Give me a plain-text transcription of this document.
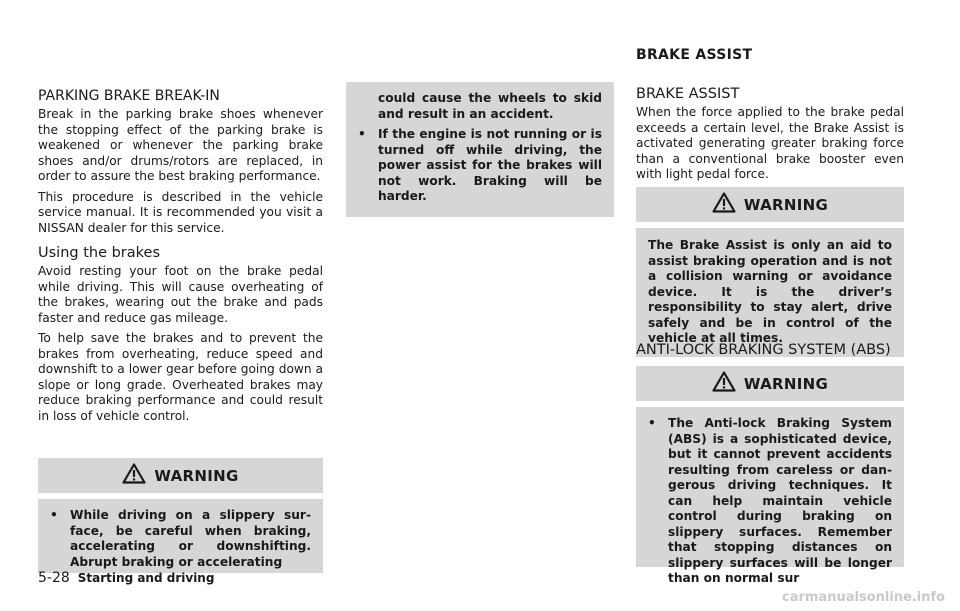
BRAKE ASSIST
PARKING BRAKE BREAK-IN

Break in the parking brake shoes whenever the stopping effect of the parking brake is weakened or whenever the parking brake shoes and/or drums/rotors are replaced, in order to assure the best braking performance.

This procedure is described in the vehicle service manual. It is recommended you visit a NISSAN dealer for this service.

Using the brakes

Avoid resting your foot on the brake pedal while driving. This will cause overheating of the brakes, wearing out the brake and pads faster and reduce gas mileage.

To help save the brakes and to prevent the brakes from overheating, reduce speed and downshift to a lower gear before going down a slope or long grade. Overheated brakes may reduce braking performance and could result in loss of vehicle control.

WARNING
•	While driving on a slippery surface, be careful when braking, accelerating or downshifting. Abrupt braking or accelerating

could cause the wheels to skid and result in an accident.

•	If the engine is not running or is turned off while driving, the power assist for the brakes will not work. Braking will be harder.

BRAKE ASSIST

When the force applied to the brake pedal exceeds a certain level, the Brake Assist is activated generating greater braking force than a conventional brake booster even with light pedal force.

WARNING

The Brake Assist is only an aid to assist braking operation and is not a collision warning or avoidance device. It is the driver’s responsibility to stay alert, drive safely and be in control of the vehicle at all times.

ANTI-LOCK BRAKING SYSTEM (ABS)
WARNING
•	The Anti-lock Braking System (ABS) is a sophisticated device, but it cannot prevent accidents resulting from careless or dangerous driving techniques. It can help maintain vehicle control during braking on slippery surfaces. Remember that stopping distances on slippery surfaces will be longer than on normal sur

5-28 Starting and driving
carmanualsonline.info
